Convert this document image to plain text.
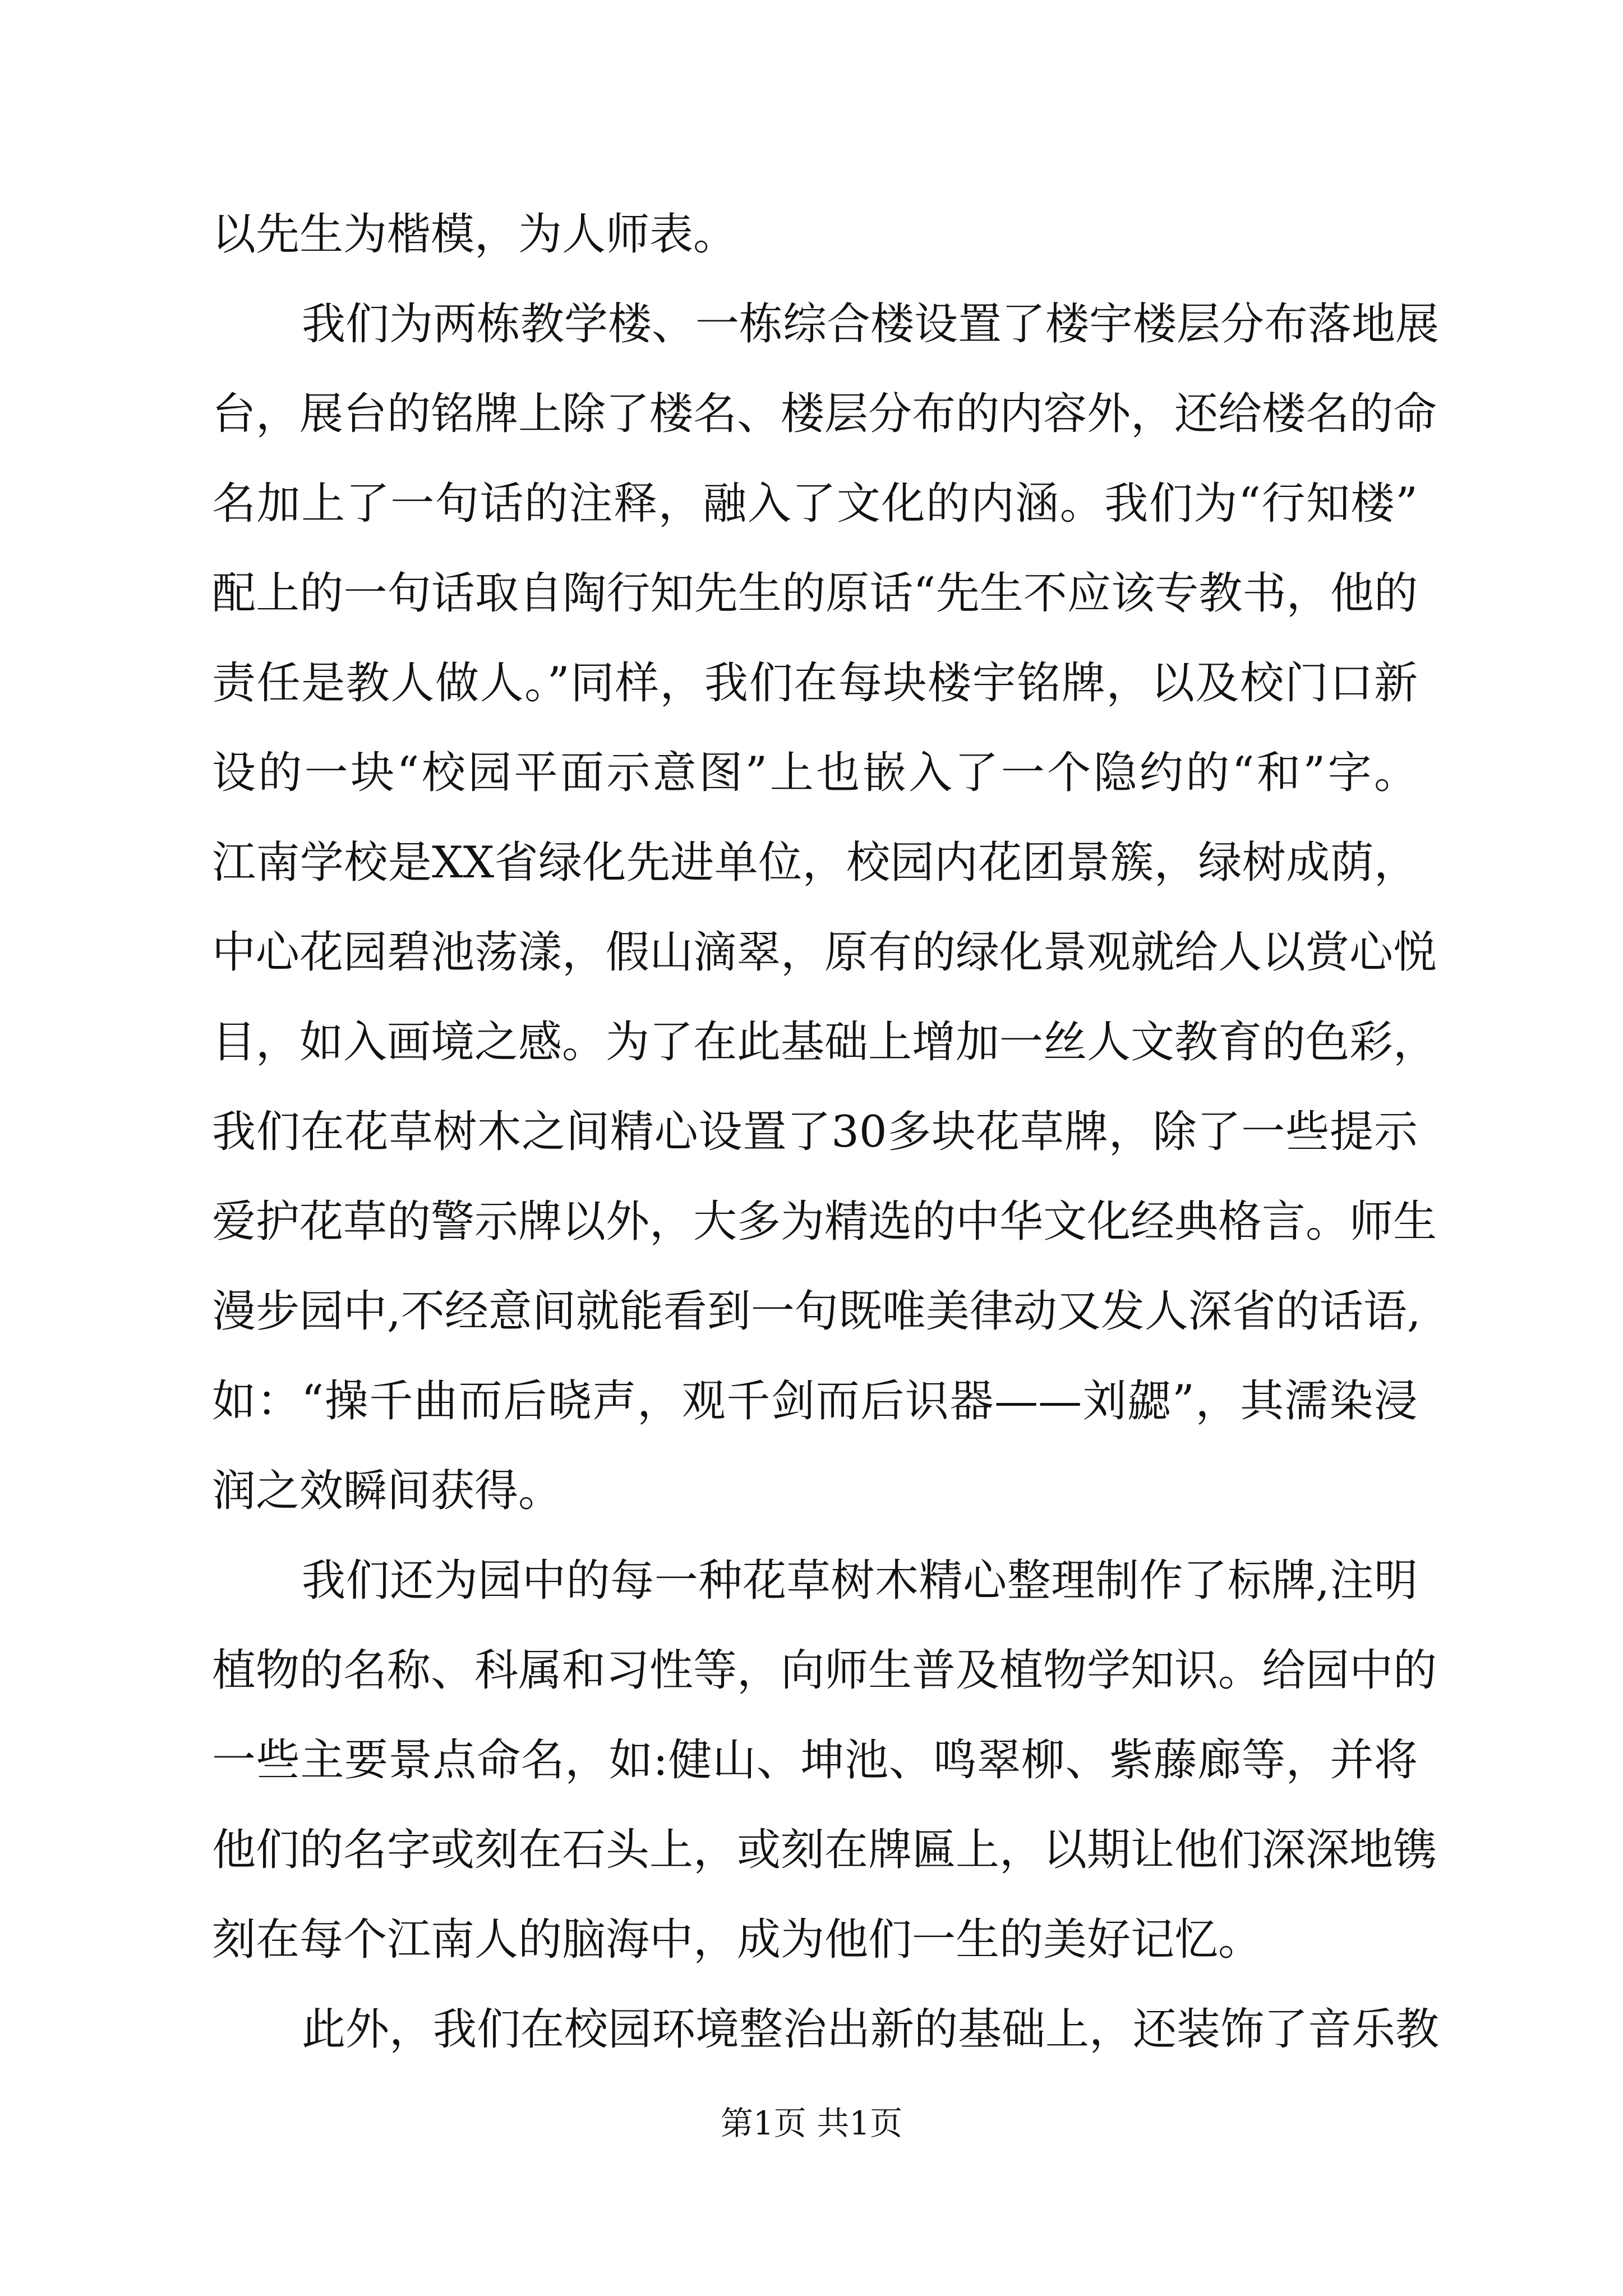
以先生为楷模，为人师表。
我们为两栋教学楼、一栋综合楼设置了楼宇楼层分布落地展
台，展台的铭牌上除了楼名、楼层分布的内容外，还给楼名的命
名加上了一句话的注释，融入了文化的内涵。我们为“行知楼”
配上的一句话取自陶行知先生的原话“先生不应该专教书，他的
责任是教人做人。”同样，我们在每块楼宇铭牌，以及校门口新
设的一块“校园平面示意图”上也嵌入了一个隐约的“和”字。
江南学校是XX省绿化先进单位，校园内花团景簇，绿树成荫，
中心花园碧池荡漾，假山滴翠，原有的绿化景观就给人以赏心悦
目，如入画境之感。为了在此基础上增加一丝人文教育的色彩，
我们在花草树木之间精心设置了30多块花草牌，除了一些提示
爱护花草的警示牌以外，大多为精选的中华文化经典格言。师生
漫步园中,不经意间就能看到一句既唯美律动又发人深省的话语,
如：“操千曲而后晓声，观千剑而后识器——刘勰”，其濡染浸
润之效瞬间获得。
我们还为园中的每一种花草树木精心整理制作了标牌,注明
植物的名称、科属和习性等，向师生普及植物学知识。给园中的
一些主要景点命名，如:健山、坤池、鸣翠柳、紫藤廊等，并将
他们的名字或刻在石头上，或刻在牌匾上，以期让他们深深地镌
刻在每个江南人的脑海中，成为他们一生的美好记忆。
此外，我们在校园环境整治出新的基础上，还装饰了音乐教
第1页 共1页
